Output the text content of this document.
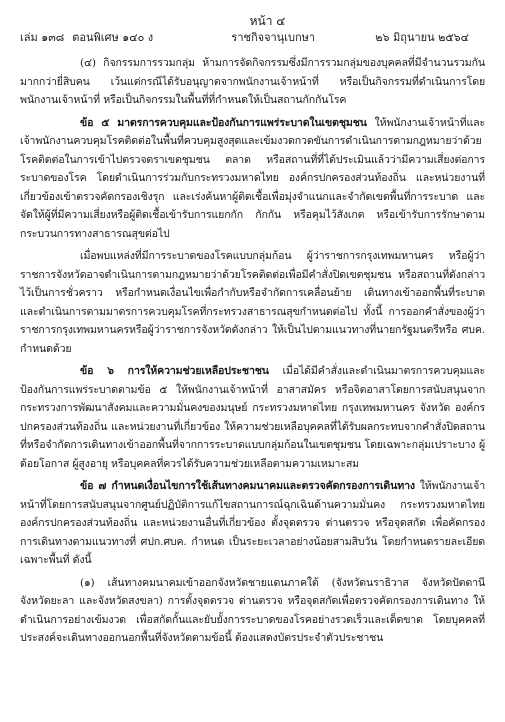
หน้า ๔
เล่ม ๑๓๘ ตอนพิเศษ ๑๔๐ ง	ราชกิจจานุเบกษา	๒๖ มิถุนายน ๒๕๖๔

(๔) กิจกรรมการรวมกลุ่ม ห้ามการจัดกิจกรรมซึ่งมีการรวมกลุ่มของบุคคลที่มีจำนวนรวมกันมากกว่ายี่สิบคน เว้นแต่กรณีได้รับอนุญาตจากพนักงานเจ้าหน้าที่ หรือเป็นกิจกรรมที่ดำเนินการโดยพนักงานเจ้าหน้าที่ หรือเป็นกิจกรรมในพื้นที่ที่กำหนดให้เป็นสถานกักกันโรค

ข้อ ๕ มาตรการควบคุมและป้องกันการแพร่ระบาดในเขตชุมชน ให้พนักงานเจ้าหน้าที่และเจ้าพนักงานควบคุมโรคติดต่อในพื้นที่ควบคุมสูงสุดและเข้มงวดกวดขันการดำเนินการตามกฎหมายว่าด้วยโรคติดต่อในการเข้าไปตรวจตราเขตชุมชน ตลาด หรือสถานที่ที่ได้ประเมินแล้วว่ามีความเสี่ยงต่อการระบาดของโรค โดยดำเนินการร่วมกับกระทรวงมหาดไทย องค์กรปกครองส่วนท้องถิ่น และหน่วยงานที่เกี่ยวข้องเข้าตรวจคัดกรองเชิงรุก และเร่งค้นหาผู้ติดเชื้อเพื่อมุ่งจำแนกและจำกัดเขตพื้นที่การระบาด และจัดให้ผู้ที่มีความเสี่ยงหรือผู้ติดเชื้อเข้ารับการแยกกัก กักกัน หรือคุมไว้สังเกต หรือเข้ารับการรักษาตามกระบวนการทางสาธารณสุขต่อไป

เมื่อพบแหล่งที่มีการระบาดของโรคแบบกลุ่มก้อน ผู้ว่าราชการกรุงเทพมหานคร หรือผู้ว่าราชการจังหวัดอาจดำเนินการตามกฎหมายว่าด้วยโรคติดต่อเพื่อมีคำสั่งปิดเขตชุมชน หรือสถานที่ดังกล่าวไว้เป็นการชั่วคราว หรือกำหนดเงื่อนไขเพื่อกำกับหรือจำกัดการเคลื่อนย้าย เดินทางเข้าออกพื้นที่ระบาด และดำเนินการตามมาตรการควบคุมโรคที่กระทรวงสาธารณสุขกำหนดต่อไป ทั้งนี้ การออกคำสั่งของผู้ว่าราชการกรุงเทพมหานครหรือผู้ว่าราชการจังหวัดดังกล่าว ให้เป็นไปตามแนวทางที่นายกรัฐมนตรีหรือ ศบค. กำหนดด้วย

ข้อ ๖ การให้ความช่วยเหลือประชาชน เมื่อได้มีคำสั่งและดำเนินมาตรการควบคุมและป้องกันการแพร่ระบาดตามข้อ ๕ ให้พนักงานเจ้าหน้าที่ อาสาสมัคร หรือจิตอาสาโดยการสนับสนุนจากกระทรวงการพัฒนาสังคมและความมั่นคงของมนุษย์ กระทรวงมหาดไทย กรุงเทพมหานคร จังหวัด องค์กรปกครองส่วนท้องถิ่น และหน่วยงานที่เกี่ยวข้อง ให้ความช่วยเหลือบุคคลที่ได้รับผลกระทบจากคำสั่งปิดสถานที่หรือจำกัดการเดินทางเข้าออกพื้นที่จากการระบาดแบบกลุ่มก้อนในเขตชุมชน โดยเฉพาะกลุ่มเปราะบาง ผู้ด้อยโอกาส ผู้สูงอายุ หรือบุคคลที่ควรได้รับความช่วยเหลือตามความเหมาะสม

ข้อ ๗ กำหนดเงื่อนไขการใช้เส้นทางคมนาคมและตรวจคัดกรองการเดินทาง ให้พนักงานเจ้าหน้าที่โดยการสนับสนุนจากศูนย์ปฏิบัติการแก้ไขสถานการณ์ฉุกเฉินด้านความมั่นคง กระทรวงมหาดไทย องค์กรปกครองส่วนท้องถิ่น และหน่วยงานอื่นที่เกี่ยวข้อง ตั้งจุดตรวจ ด่านตรวจ หรือจุดสกัด เพื่อคัดกรองการเดินทางตามแนวทางที่ ศปก.ศบค. กำหนด เป็นระยะเวลาอย่างน้อยสามสิบวัน โดยกำหนดรายละเอียดเฉพาะพื้นที่ ดังนี้

(๑) เส้นทางคมนาคมเข้าออกจังหวัดชายแดนภาคใต้ (จังหวัดนราธิวาส จังหวัดปัตตานี จังหวัดยะลา และจังหวัดสงขลา) การตั้งจุดตรวจ ด่านตรวจ หรือจุดสกัดเพื่อตรวจคัดกรองการเดินทาง ให้ดำเนินการอย่างเข้มงวด เพื่อสกัดกั้นและยับยั้งการระบาดของโรคอย่างรวดเร็วและเด็ดขาด โดยบุคคลที่ประสงค์จะเดินทางออกนอกพื้นที่จังหวัดตามข้อนี้ ต้องแสดงบัตรประจำตัวประชาชน
